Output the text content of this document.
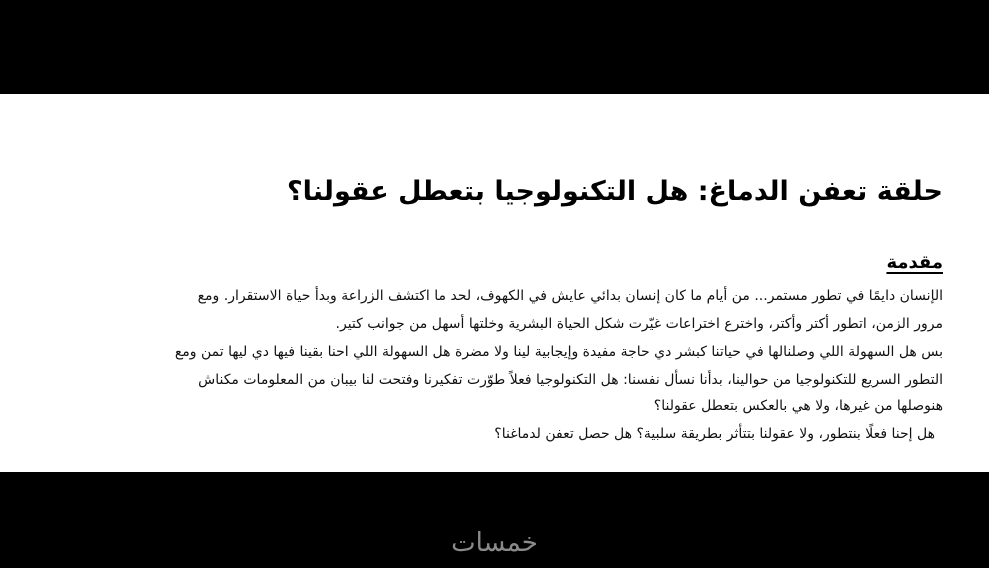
حلقة تعفن الدماغ: هل التكنولوجيا بتعطل عقولنا؟
مقدمة

الإنسان دايمًا في تطور مستمر... من أيام ما كان إنسان بدائي عايش في الكهوف، لحد ما اكتشف الزراعة وبدأ حياة الاستقرار. ومع

مرور الزمن، اتطور أكتر وأكتر، واخترع اختراعات غيّرت شكل الحياة البشرية وخلتها أسهل من جوانب كتير.

بس هل السهولة اللي وصلنالها في حياتنا كبشر دي حاجة مفيدة وإيجابية لينا ولا مضرة هل السهولة اللي احنا بقينا فيها دي ليها تمن ومع

التطور السريع للتكنولوجيا من حوالينا، بدأنا نسأل نفسنا: هل التكنولوجيا فعلاً طوّرت تفكيرنا وفتحت لنا بيبان من المعلومات مكناش

هنوصلها من غيرها، ولا هي بالعكس بتعطل عقولنا؟

هل إحنا فعلًا بنتطور، ولا عقولنا بتتأثر بطريقة سلبية؟ هل حصل تعفن لدماغنا؟

خمسات
